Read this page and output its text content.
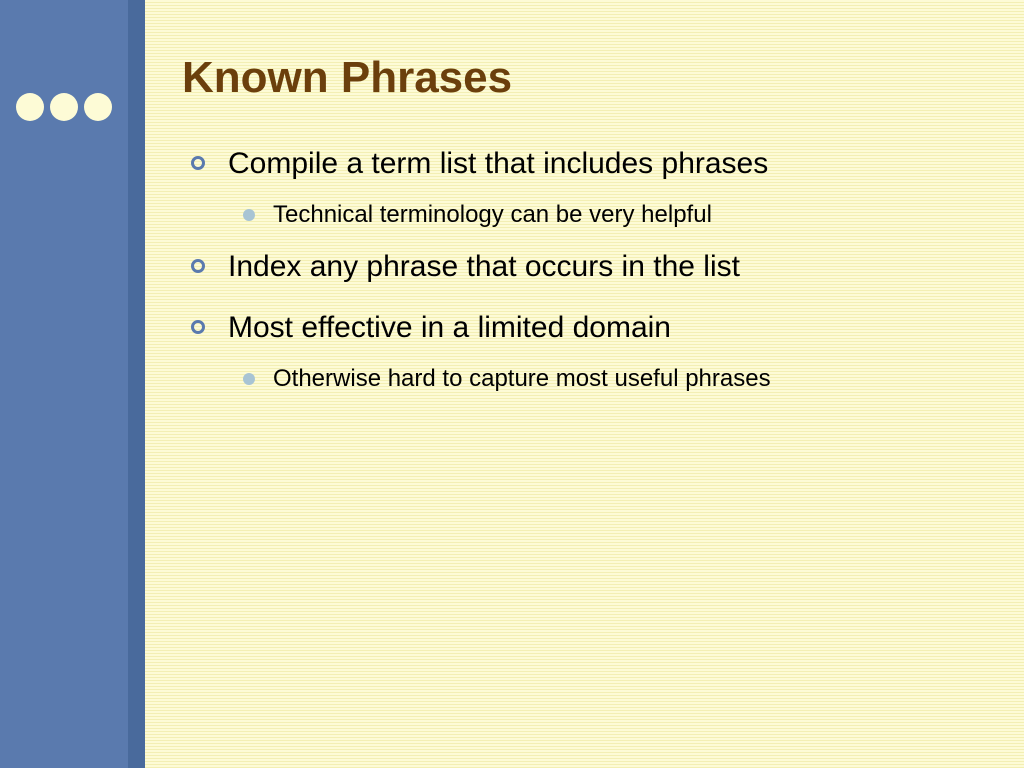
Known Phrases
Compile a term list that includes phrases
Technical terminology can be very helpful
Index any phrase that occurs in the list
Most effective in a limited domain
Otherwise hard to capture most useful phrases
